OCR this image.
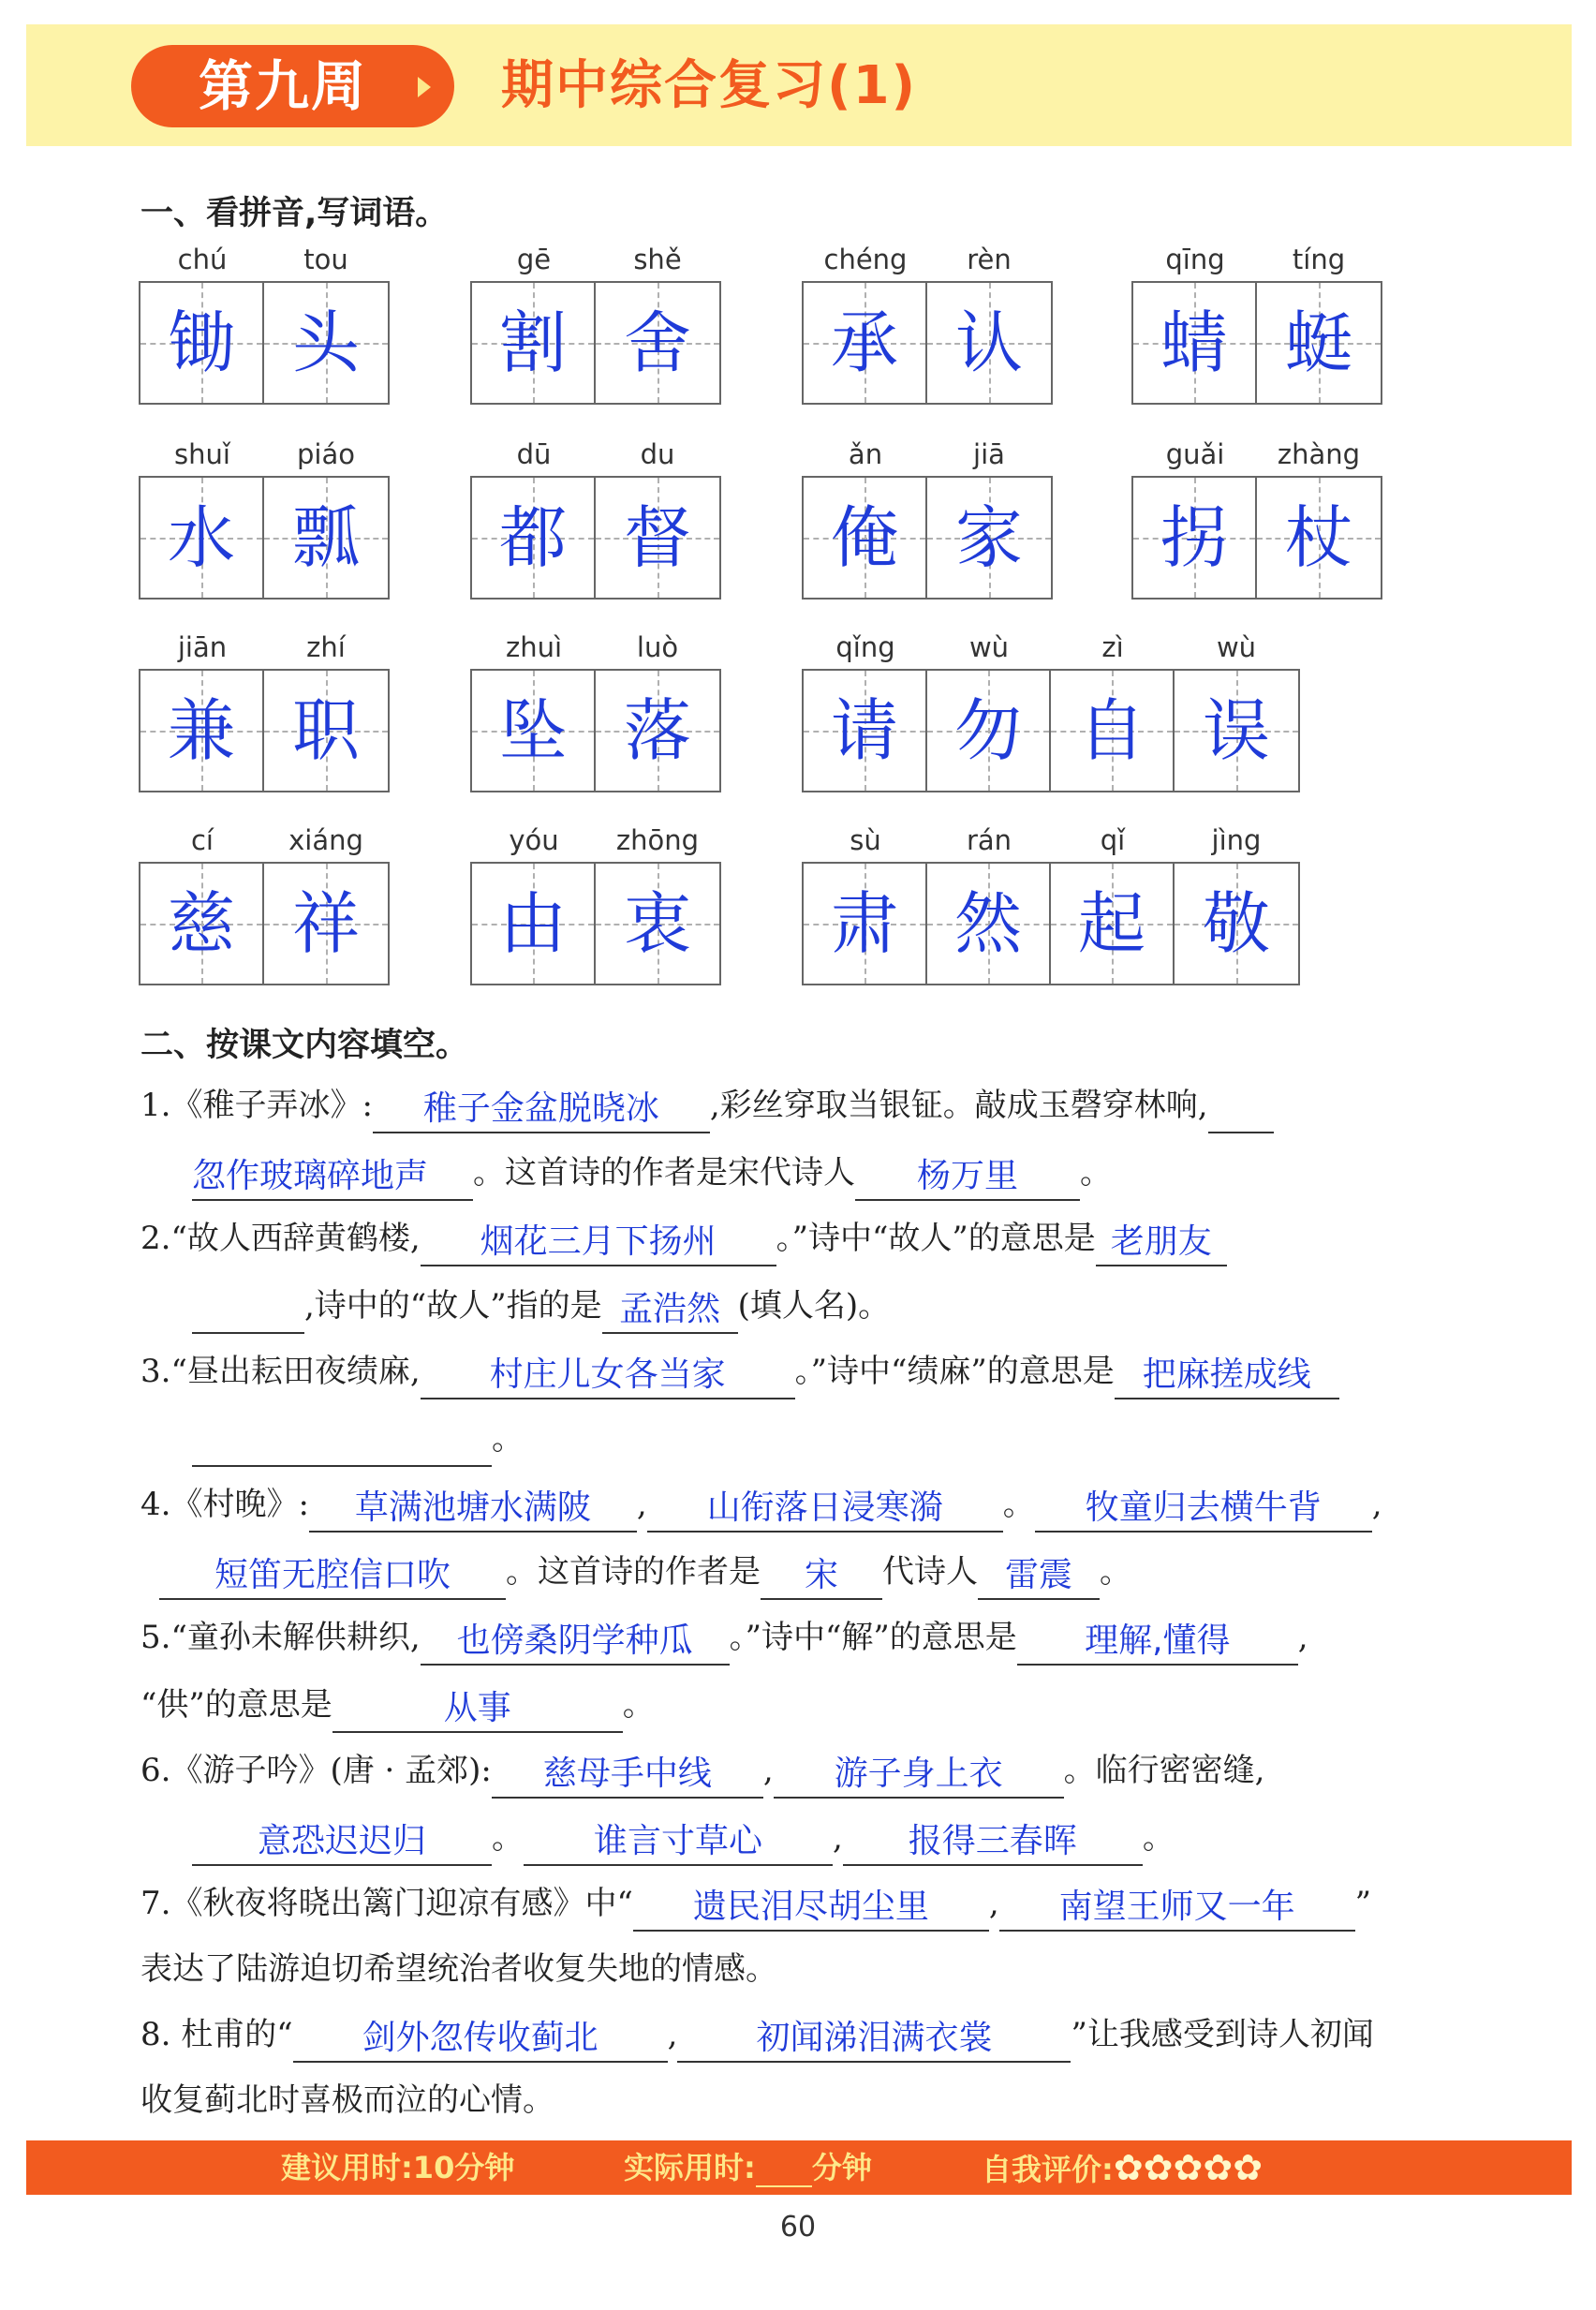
第九周	期中综合复习(1)
一、看拼音,写词语。
chú	tou
锄 头
gē	shě
割 舍
chéng	rèn
承 认
qīng	tíng
蜻 蜓
shuǐ	piáo
水 瓢
dū	du
都 督
ǎn	jiā
俺 家
guǎi	zhàng
拐 杖
jiān	zhí
兼 职
zhuì	luò
坠 落
qǐng	wù	zì	wù
请 勿 自 误
cí	xiáng
慈 祥
yóu	zhōng
由 衷
sù	rán	qǐ	jìng
肃 然 起 敬
二、按课文内容填空。
1.《稚子弄冰》: 稚子金盆脱晓冰 ,彩丝穿取当银钲。敲成玉磬穿林响,
忽作玻璃碎地声 。这首诗的作者是宋代诗人 杨万里 。
2.“故人西辞黄鹤楼, 烟花三月下扬州 。”诗中“故人”的意思是 老朋友
,诗中的“故人”指的是 孟浩然 (填人名)。
3.“昼出耘田夜绩麻, 村庄儿女各当家 。”诗中“绩麻”的意思是 把麻搓成线
。
4.《村晚》: 草满池塘水满陂 , 山衔落日浸寒漪 。 牧童归去横牛背 ,
短笛无腔信口吹 。这首诗的作者是 宋 代诗人 雷震 。
5.“童孙未解供耕织, 也傍桑阴学种瓜 。”诗中“解”的意思是 理解,懂得 ,
“供”的意思是	从事	。
6.《游子吟》(唐 · 孟郊): 慈母手中线 , 游子身上衣 。临行密密缝,
意恐迟迟归 。 谁言寸草心 , 报得三春晖 。
7.《秋夜将晓出篱门迎凉有感》中“ 遗民泪尽胡尘里 , 南望王师又一年 ”
表达了陆游迫切希望统治者收复失地的情感。
8. 杜甫的“ 剑外忽传收蓟北 , 初闻涕泪满衣裳 ”让我感受到诗人初闻
收复蓟北时喜极而泣的心情。
建议用时:10分钟	实际用时: 分钟	自我评价:✿✿✿✿✿
60
